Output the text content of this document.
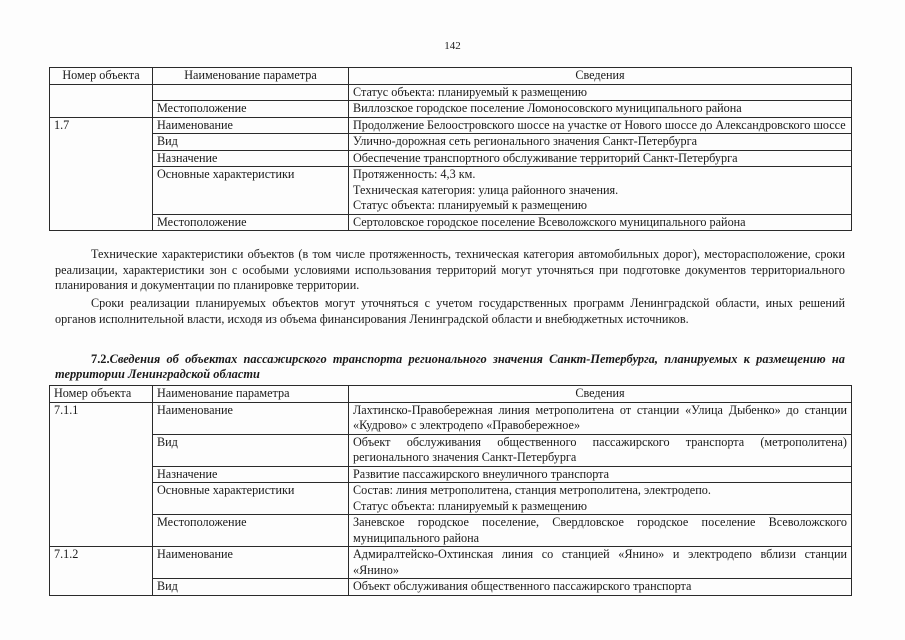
142
Номер объекта	Наименование параметра	Сведения
		Статус объекта: планируемый к размещению
	Местоположение	Виллозское городское поселение Ломоносовского муниципального района
1.7	Наименование	Продолжение Белоостровского шоссе на участке от Нового шоссе до Александровского шоссе
	Вид	Улично-дорожная сеть регионального значения Санкт-Петербурга
	Назначение	Обеспечение транспортного обслуживание территорий Санкт-Петербурга
	Основные характеристики	Протяженность: 4,3 км.
Техническая категория: улица районного значения.
Статус объекта: планируемый к размещению

	Местоположение	Сертоловское городское поселение Всеволожского муниципального района

Технические характеристики объектов (в том числе протяженность, техническая категория автомобильных дорог), месторасположение, сроки реализации, характеристики зон с особыми условиями использования территорий могут уточняться при подготовке документов территориального планирования и документации по планировке территории.

Сроки реализации планируемых объектов могут уточняться с учетом государственных программ Ленинградской области, иных решений органов исполнительной власти, исходя из объема финансирования Ленинградской области и внебюджетных источников.

7.2.Сведения об объектах пассажирского транспорта регионального значения Санкт-Петербурга, планируемых к размещению на территории Ленинградской области

Номер объекта	Наименование параметра	Сведения
7.1.1	Наименование	Лахтинско-Правобережная линия метрополитена от станции «Улица Дыбенко» до станции «Кудрово» с электродепо «Правобережное»
	Вид	Объект обслуживания общественного пассажирского транспорта (метрополитена) регионального значения Санкт-Петербурга
	Назначение	Развитие пассажирского внеуличного транспорта
	Основные характеристики	Состав: линия метрополитена, станция метрополитена, электродепо.
Статус объекта: планируемый к размещению

	Местоположение	Заневское городское поселение, Свердловское городское поселение Всеволожского муниципального района
7.1.2	Наименование	Адмиралтейско-Охтинская линия со станцией «Янино» и электродепо вблизи станции «Янино»
	Вид	Объект обслуживания общественного пассажирского транспорта
